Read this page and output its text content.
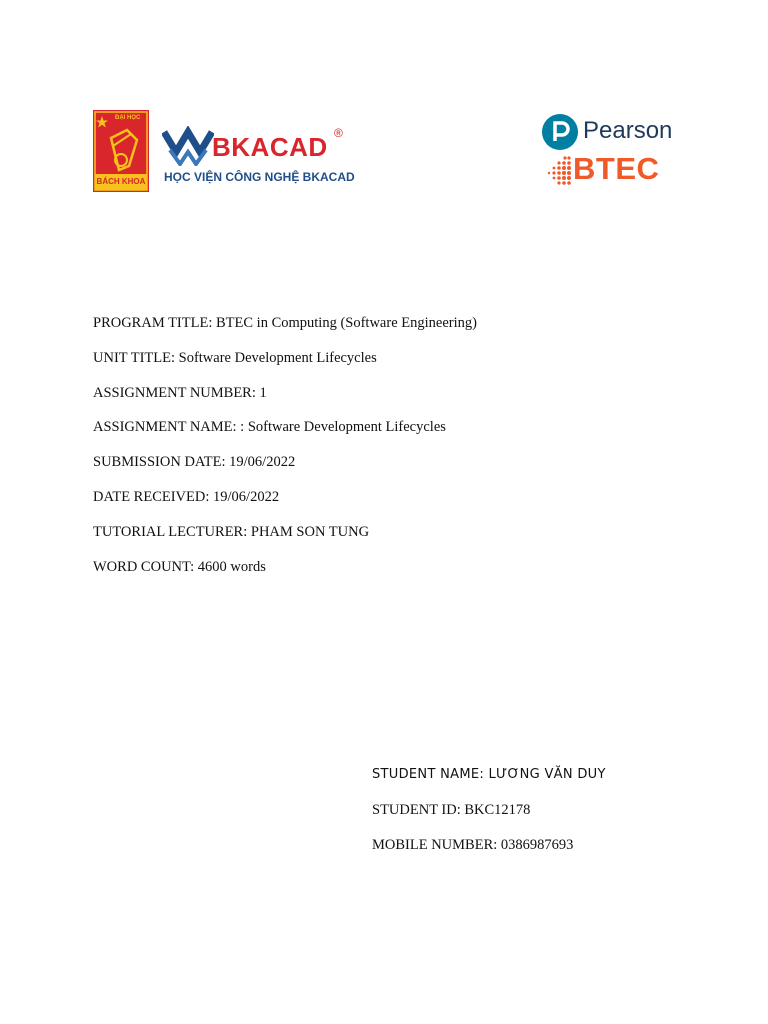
ĐẠI HỌC
BÁCH KHOA
BKACAD ®
HỌC VIỆN CÔNG NGHỆ BKACAD
Pearson
BTEC
PROGRAM TITLE: BTEC in Computing (Software Engineering)
UNIT TITLE: Software Development Lifecycles
ASSIGNMENT NUMBER: 1
ASSIGNMENT NAME: : Software Development Lifecycles
SUBMISSION DATE: 19/06/2022
DATE RECEIVED: 19/06/2022
TUTORIAL LECTURER: PHAM SON TUNG
WORD COUNT: 4600 words
STUDENT NAME: LƯƠNG VĂN DUY
STUDENT ID: BKC12178
MOBILE NUMBER: 0386987693
